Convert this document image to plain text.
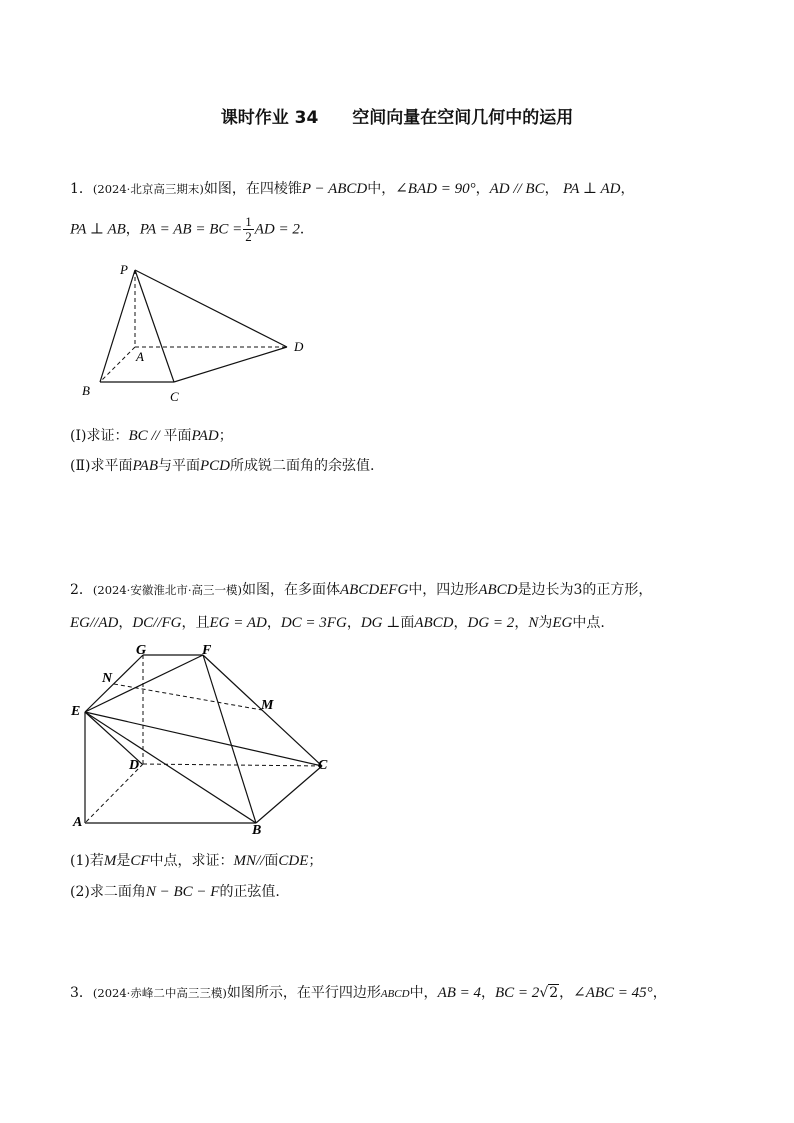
课时作业 34 空间向量在空间几何中的运用
1．(2024·北京高三期末)如图，在四棱锥P − ABCD中，∠BAD = 90°，AD // BC， PA ⊥ AD，
PA ⊥ AB，PA = AB = BC = $\frac{1}{2}$ AD = 2．
P
A
B	C
D
(Ⅰ)求证：BC // 平面PAD；
(Ⅱ)求平面PAB与平面PCD所成锐二面角的余弦值.
2．(2024·安徽淮北市·高三一模)如图，在多面体ABCDEFG中，四边形ABCD是边长为3的正方形，
EG//AD，DC//FG，且EG = AD，DC = 3FG，DG ⊥面ABCD，DG = 2，N为EG中点.
G	F
N
M
E
D	C
A
B
(1)若M是CF中点，求证：MN//面CDE；
(2)求二面角N − BC − F的正弦值.
3．(2024·赤峰二中高三三模)如图所示，在平行四边形ABCD中，AB = 4，BC = 2√2，∠ABC = 45°，
